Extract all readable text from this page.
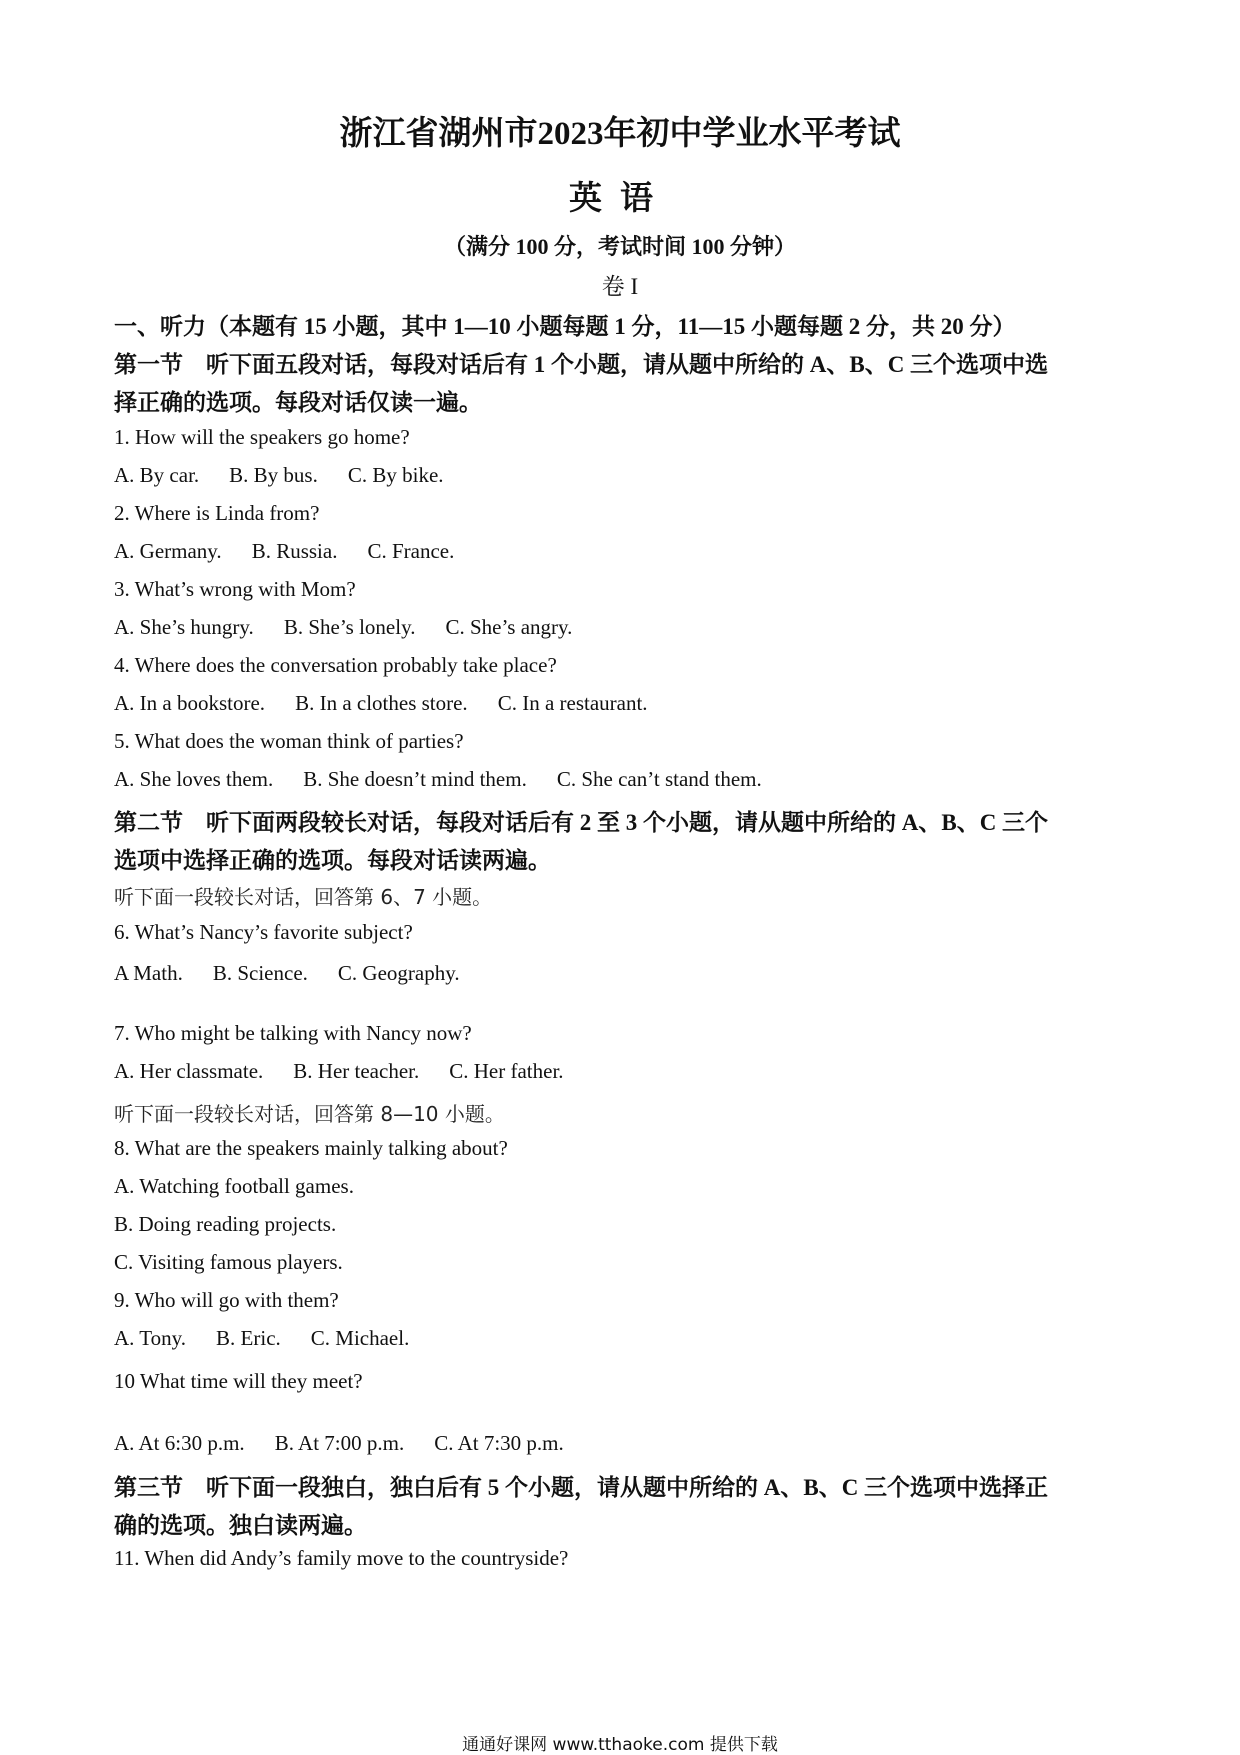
浙江省湖州市2023年初中学业水平考试
英语
（满分 100 分，考试时间 100 分钟）
卷 I
一、听力（本题有 15 小题，其中 1—10 小题每题 1 分，11—15 小题每题 2 分，共 20 分）
第一节　听下面五段对话，每段对话后有 1 个小题，请从题中所给的 A、B、C 三个选项中选
择正确的选项。每段对话仅读一遍。
1. How will the speakers go home?
A. By car. B. By bus. C. By bike.
2. Where is Linda from?
A. Germany. B. Russia. C. France.
3. What’s wrong with Mom?
A. She’s hungry. B. She’s lonely. C. She’s angry.
4. Where does the conversation probably take place?
A. In a bookstore. B. In a clothes store. C. In a restaurant.
5. What does the woman think of parties?
A. She loves them. B. She doesn’t mind them. C. She can’t stand them.
第二节　听下面两段较长对话，每段对话后有 2 至 3 个小题，请从题中所给的 A、B、C 三个
选项中选择正确的选项。每段对话读两遍。
听下面一段较长对话，回答第 6、7 小题。
6. What’s Nancy’s favorite subject?
A Math. B. Science. C. Geography.
7. Who might be talking with Nancy now?
A. Her classmate. B. Her teacher. C. Her father.
听下面一段较长对话，回答第 8—10 小题。
8. What are the speakers mainly talking about?
A. Watching football games.
B. Doing reading projects.
C. Visiting famous players.
9. Who will go with them?
A. Tony. B. Eric. C. Michael.
10 What time will they meet?
A. At 6:30 p.m. B. At 7:00 p.m. C. At 7:30 p.m.
第三节　听下面一段独白，独白后有 5 个小题，请从题中所给的 A、B、C 三个选项中选择正
确的选项。独白读两遍。
11. When did Andy’s family move to the countryside?
通通好课网 www.tthaoke.com 提供下载
